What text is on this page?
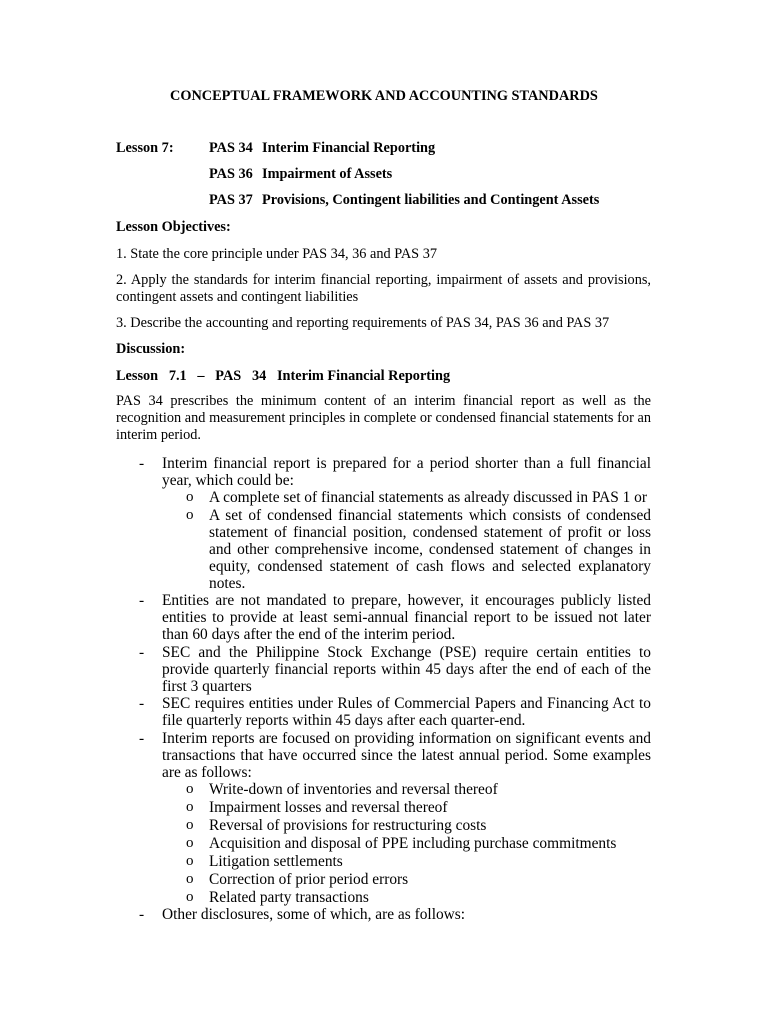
CONCEPTUAL FRAMEWORK AND ACCOUNTING STANDARDS
Lesson 7: PAS 34 Interim Financial Reporting
PAS 36 Impairment of Assets
PAS 37 Provisions, Contingent liabilities and Contingent Assets
Lesson Objectives:
1. State the core principle under PAS 34, 36 and PAS 37
2. Apply the standards for interim financial reporting, impairment of assets and provisions,
contingent assets and contingent liabilities
3. Describe the accounting and reporting requirements of PAS 34, PAS 36 and PAS 37
Discussion:
Lesson   7.1   –   PAS   34   Interim Financial Reporting
PAS 34 prescribes the minimum content of an interim financial report as well as the
recognition and measurement principles in complete or condensed financial statements for an
interim period.
- Interim financial report is prepared for a period shorter than a full financial
year, which could be:
o A complete set of financial statements as already discussed in PAS 1 or
o A set of condensed financial statements which consists of condensed
statement of financial position, condensed statement of profit or loss
and other comprehensive income, condensed statement of changes in
equity, condensed statement of cash flows and selected explanatory
notes.
- Entities are not mandated to prepare, however, it encourages publicly listed
entities to provide at least semi-annual financial report to be issued not later
than 60 days after the end of the interim period.
- SEC and the Philippine Stock Exchange (PSE) require certain entities to
provide quarterly financial reports within 45 days after the end of each of the
first 3 quarters
- SEC requires entities under Rules of Commercial Papers and Financing Act to
file quarterly reports within 45 days after each quarter-end.
- Interim reports are focused on providing information on significant events and
transactions that have occurred since the latest annual period. Some examples
are as follows:
o Write-down of inventories and reversal thereof
o Impairment losses and reversal thereof
o Reversal of provisions for restructuring costs
o Acquisition and disposal of PPE including purchase commitments
o Litigation settlements
o Correction of prior period errors
o Related party transactions
- Other disclosures, some of which, are as follows:
